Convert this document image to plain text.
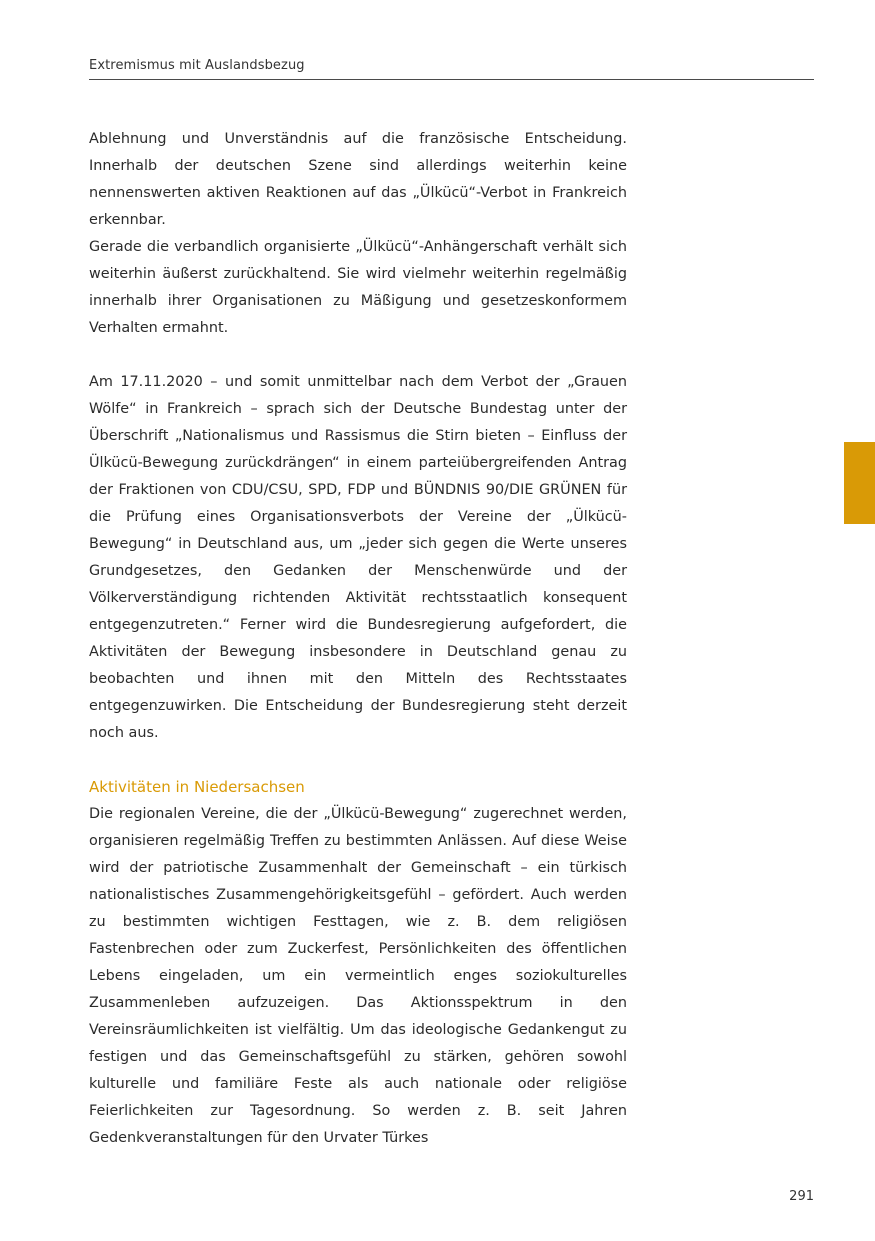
Extremismus mit Auslandsbezug

Ablehnung und Unverständnis auf die französische Entscheidung. Innerhalb der deutschen Szene sind allerdings weiterhin keine nennenswerten aktiven Reaktionen auf das „Ülkücü“-Verbot in Frankreich erkennbar.

Gerade die verbandlich organisierte „Ülkücü“-Anhängerschaft verhält sich weiterhin äußerst zurückhaltend. Sie wird vielmehr weiterhin regelmäßig innerhalb ihrer Organisationen zu Mäßigung und gesetzeskonformem Verhalten ermahnt.

Am 17.11.2020 – und somit unmittelbar nach dem Verbot der „Grauen Wölfe“ in Frankreich – sprach sich der Deutsche Bundestag unter der Überschrift „Nationalismus und Rassismus die Stirn bieten – Einfluss der Ülkücü-Bewegung zurückdrängen“ in einem parteiübergreifenden Antrag der Fraktionen von CDU/CSU, SPD, FDP und BÜNDNIS 90/DIE GRÜNEN für die Prüfung eines Organisationsverbots der Vereine der „Ülkücü-Bewegung“ in Deutschland aus, um „jeder sich gegen die Werte unseres Grundgesetzes, den Gedanken der Menschenwürde und der Völkerverständigung richtenden Aktivität rechtsstaatlich konsequent entgegenzutreten.“ Ferner wird die Bundesregierung aufgefordert, die Aktivitäten der Bewegung insbesondere in Deutschland genau zu beobachten und ihnen mit den Mitteln des Rechtsstaates entgegenzuwirken. Die Entscheidung der Bundesregierung steht derzeit noch aus.

Aktivitäten in Niedersachsen

Die regionalen Vereine, die der „Ülkücü-Bewegung“ zugerechnet werden, organisieren regelmäßig Treffen zu bestimmten Anlässen. Auf diese Weise wird der patriotische Zusammenhalt der Gemeinschaft – ein türkisch nationalistisches Zusammengehörigkeitsgefühl – gefördert. Auch werden zu bestimmten wichtigen Festtagen, wie z. B. dem religiösen Fastenbrechen oder zum Zuckerfest, Persönlichkeiten des öffentlichen Lebens eingeladen, um ein vermeintlich enges soziokulturelles Zusammenleben aufzuzeigen. Das Aktionsspektrum in den Vereinsräumlichkeiten ist vielfältig. Um das ideologische Gedankengut zu festigen und das Gemeinschaftsgefühl zu stärken, gehören sowohl kulturelle und familiäre Feste als auch nationale oder religiöse Feierlichkeiten zur Tagesordnung. So werden z. B. seit Jahren Gedenkveranstaltungen für den Urvater Türkes

291
